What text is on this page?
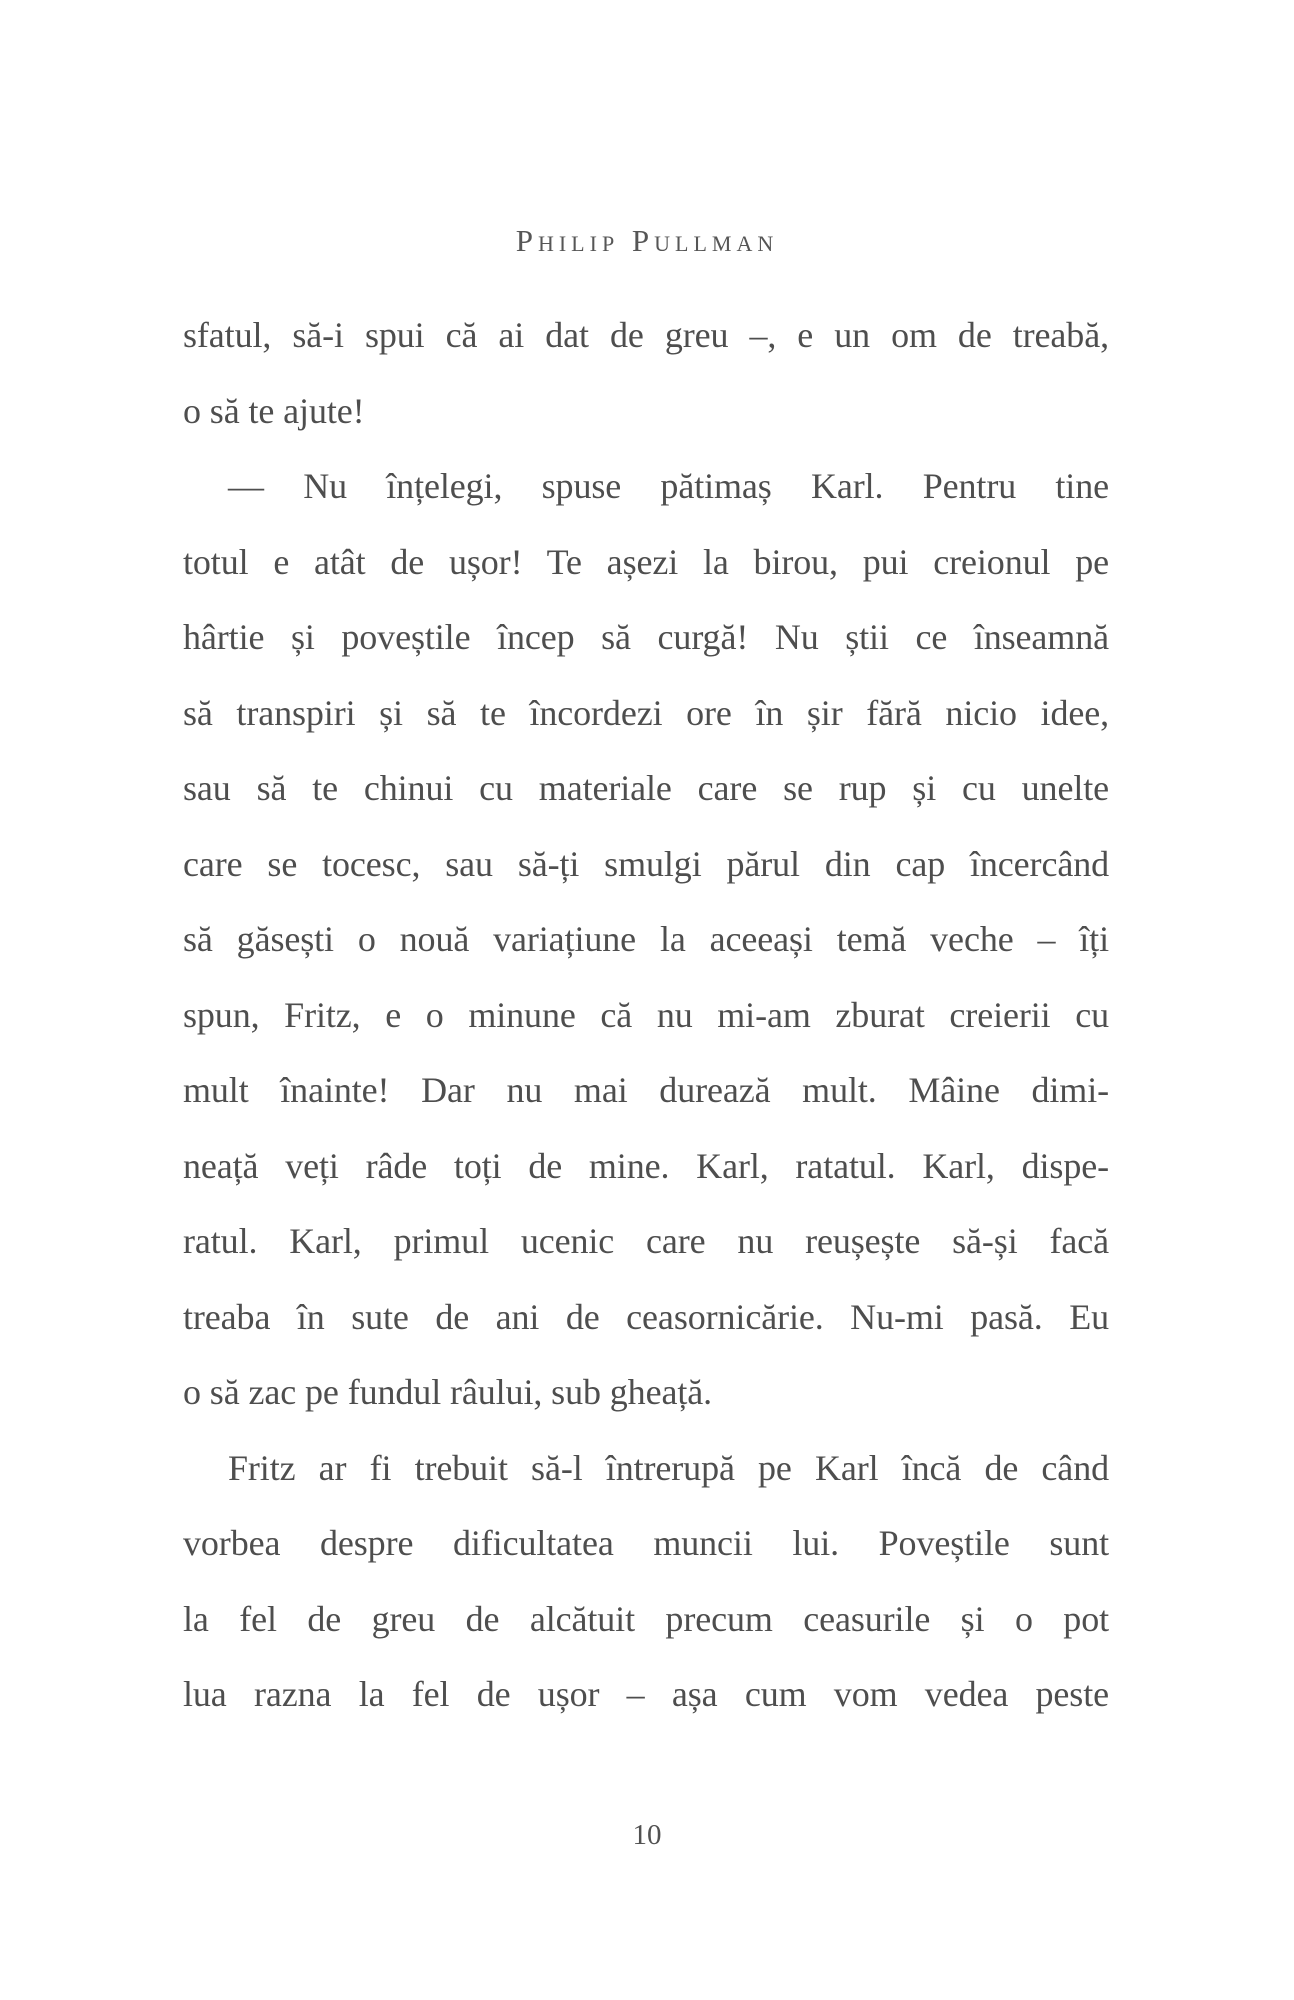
Philip Pullman
sfatul, să-i spui că ai dat de greu –, e un om de treabă,
o să te ajute!
— Nu înțelegi, spuse pătimaș Karl. Pentru tine
totul e atât de ușor! Te așezi la birou, pui creionul pe
hârtie și poveștile încep să curgă! Nu știi ce înseamnă
să transpiri și să te încordezi ore în șir fără nicio idee,
sau să te chinui cu materiale care se rup și cu unelte
care se tocesc, sau să-ți smulgi părul din cap încercând
să găsești o nouă variațiune la aceeași temă veche – îți
spun, Fritz, e o minune că nu mi-am zburat creierii cu
mult înainte! Dar nu mai durează mult. Mâine dimi-
neață veți râde toți de mine. Karl, ratatul. Karl, dispe-
ratul. Karl, primul ucenic care nu reușește să-și facă
treaba în sute de ani de ceasornicărie. Nu-mi pasă. Eu
o să zac pe fundul râului, sub gheață.
Fritz ar fi trebuit să-l întrerupă pe Karl încă de când
vorbea despre dificultatea muncii lui. Poveștile sunt
la fel de greu de alcătuit precum ceasurile și o pot
lua razna la fel de ușor – așa cum vom vedea peste
10
